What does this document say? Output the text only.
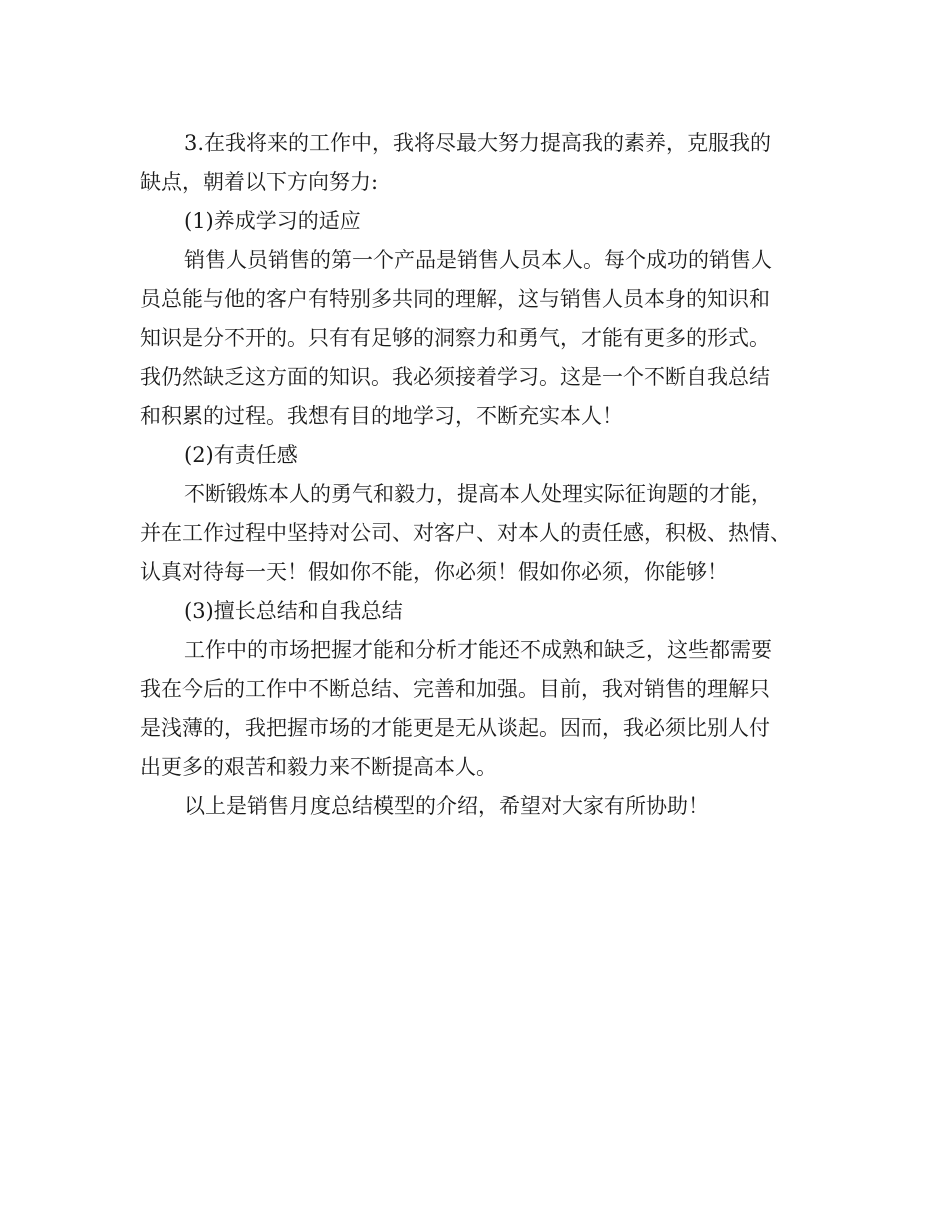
3.在我将来的工作中，我将尽最大努力提高我的素养，克服我的
缺点，朝着以下方向努力:
(1)养成学习的适应
销售人员销售的第一个产品是销售人员本人。每个成功的销售人
员总能与他的客户有特别多共同的理解，这与销售人员本身的知识和
知识是分不开的。只有有足够的洞察力和勇气，才能有更多的形式。
我仍然缺乏这方面的知识。我必须接着学习。这是一个不断自我总结
和积累的过程。我想有目的地学习，不断充实本人！
(2)有责任感
不断锻炼本人的勇气和毅力，提高本人处理实际征询题的才能，
并在工作过程中坚持对公司、对客户、对本人的责任感，积极、热情、
认真对待每一天！假如你不能，你必须！假如你必须，你能够！
(3)擅长总结和自我总结
工作中的市场把握才能和分析才能还不成熟和缺乏，这些都需要
我在今后的工作中不断总结、完善和加强。目前，我对销售的理解只
是浅薄的，我把握市场的才能更是无从谈起。因而，我必须比别人付
出更多的艰苦和毅力来不断提高本人。
以上是销售月度总结模型的介绍，希望对大家有所协助！
